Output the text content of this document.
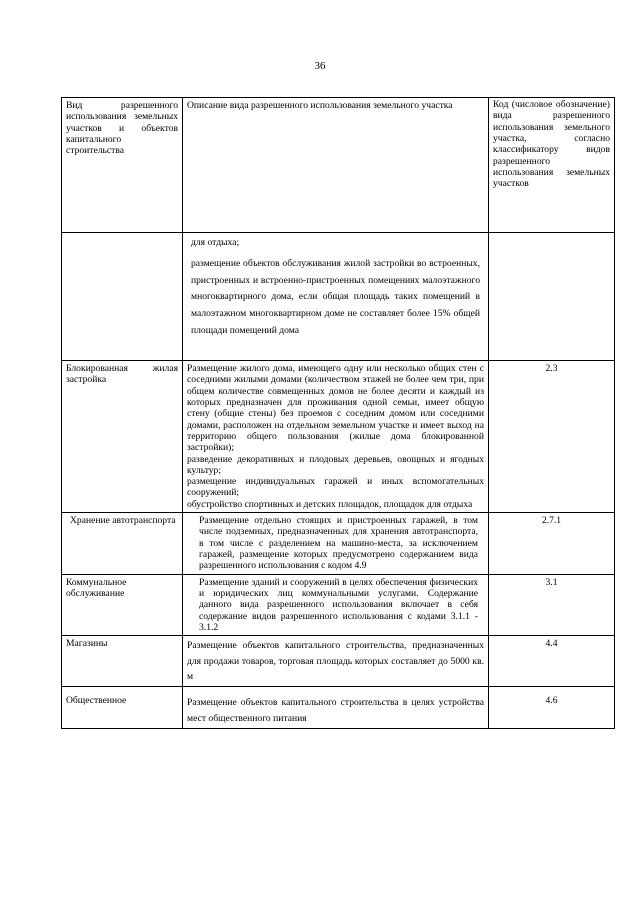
36
Вид разрешенного использования земельных участков и объектов капитального строительства	Описание вида разрешенного использования земельного участка	Код (числовое обозначение) вида разрешенного использования земельного участка, согласно классификатору видов разрешенного использования земельных участков

	для отдыха;

размещение объектов обслуживания жилой застройки во встроенных, пристроенных и встроенно-пристроенных помещениях малоэтажного многоквартирного дома, если общая площадь таких помещений в малоэтажном многоквартирном доме не составляет более 15% общей площади помещений дома	

Блокированная жилая застройка	Размещение жилого дома, имеющего одну или несколько общих стен с соседними жилыми домами (количеством этажей не более чем три, при общем количестве совмещенных домов не более десяти и каждый из которых предназначен для проживания одной семьи, имеет общую стену (общие стены) без проемов с соседним домом или соседними домами, расположен на отдельном земельном участке и имеет выход на территорию общего пользования (жилые дома блокированной застройки);

разведение декоративных и плодовых деревьев, овощных и ягодных культур;

размещение индивидуальных гаражей и иных вспомогательных сооружений;

обустройство спортивных и детских площадок, площадок для отдыха	2.3
Хранение автотранспорта	Размещение отдельно стоящих и пристроенных гаражей, в том числе подземных, предназначенных для хранения автотранспорта, в том числе с разделением на машино-места, за исключением гаражей, размещение которых предусмотрено содержанием вида разрешенного использования с кодом 4.9	2.7.1
Коммунальное обслуживание	Размещение зданий и сооружений в целях обеспечения физических и юридических лиц коммунальными услугами. Содержание данного вида разрешенного использования включает в себя содержание видов разрешенного использования с кодами 3.1.1 - 3.1.2	3.1
Магазины	Размещение объектов капитального строительства, предназначенных для продажи товаров, торговая площадь которых составляет до 5000 кв. м	4.4
Общественное	Размещение объектов капитального строительства в целях устройства мест общественного питания	4.6
